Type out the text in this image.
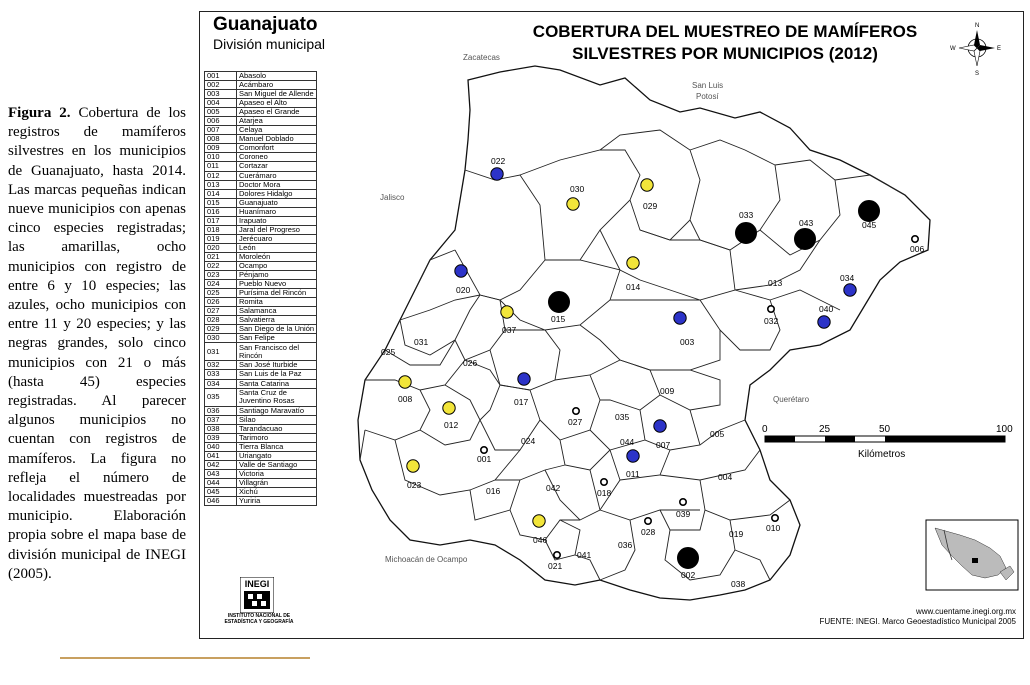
Figura 2. Cobertura de los registros de mamíferos silvestres en los municipios de Guanajuato, hasta 2014. Las marcas pequeñas indican nueve municipios con apenas cinco especies registradas; las amarillas, ocho municipios con registro de entre 6 y 10 especies; las azules, ocho municipios con entre 11 y 20 especies; y las negras grandes, solo cinco municipios con 21 o más (hasta 45) especies registradas. Al parecer algunos municipios no cuentan con registros de mamíferos. La figura no refleja el número de localidades muestreadas por municipio. Elaboración propia sobre el mapa base de división municipal de INEGI (2005).
Guanajuato
División municipal
COBERTURA DEL MUESTREO DE MAMÍFEROS
SILVESTRES POR MUNICIPIOS (2012)
001	Abasolo
002	Acámbaro
003	San Miguel de Allende
004	Apaseo el Alto
005	Apaseo el Grande
006	Atarjea
007	Celaya
008	Manuel Doblado
009	Comonfort
010	Coroneo
011	Cortazar
012	Cuerámaro
013	Doctor Mora
014	Dolores Hidalgo
015	Guanajuato
016	Huanímaro
017	Irapuato
018	Jaral del Progreso
019	Jerécuaro
020	León
021	Moroleón
022	Ocampo
023	Pénjamo
024	Pueblo Nuevo
025	Purísima del Rincón
026	Romita
027	Salamanca
028	Salvatierra
029	San Diego de la Unión
030	San Felipe
031	San Francisco del Rincón
032	San José Iturbide
033	San Luis de la Paz
034	Santa Catarina
035	Santa Cruz de Juventino Rosas
036	Santiago Maravatío
037	Silao
038	Tarandacuao
039	Tarimoro
040	Tierra Blanca
041	Uriangato
042	Valle de Santiago
043	Victoria
044	Villagrán
045	Xichú
046	Yuriria
Zacatecas
San Luis
Potosí
Jalisco
Querétaro
Michoacán de Ocampo
001
002
003
004
005
006
007
008
009
010
011
012
013
014
015
016
017
018
019
020
021
022
023
024
025
026
027
028
029
030
031
032
033
034
035
036
037
038
039
040
041
042
043
044
045
046
N
S
E
W
0	25	50	100
Kilómetros
INEGI
INSTITUTO NACIONAL DE ESTADÍSTICA Y GEOGRAFÍA
www.cuentame.inegi.org.mx
FUENTE: INEGI. Marco Geoestadístico Municipal 2005
